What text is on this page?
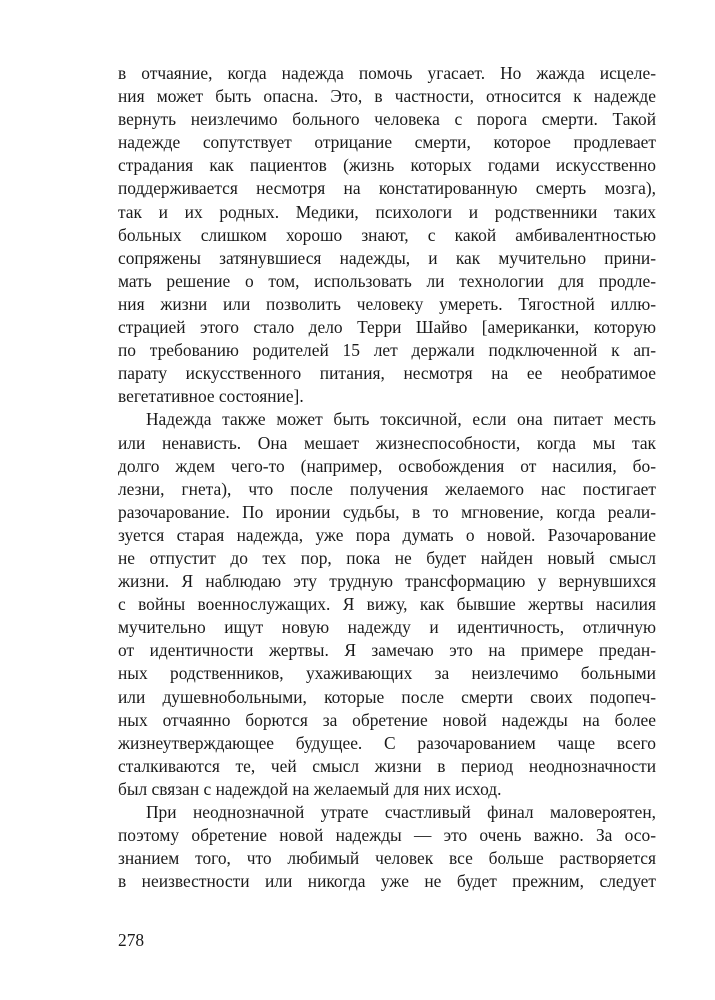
в отчаяние, когда надежда помочь угасает. Но жажда исцеле-
ния может быть опасна. Это, в частности, относится к надежде
вернуть неизлечимо больного человека с порога смерти. Такой
надежде сопутствует отрицание смерти, которое продлевает
страдания как пациентов (жизнь которых годами искусственно
поддерживается несмотря на констатированную смерть мозга),
так и их родных. Медики, психологи и родственники таких
больных слишком хорошо знают, с какой амбивалентностью
сопряжены затянувшиеся надежды, и как мучительно прини-
мать решение о том, использовать ли технологии для продле-
ния жизни или позволить человеку умереть. Тягостной иллю-
страцией этого стало дело Терри Шайво [американки, которую
по требованию родителей 15 лет держали подключенной к ап-
парату искусственного питания, несмотря на ее необратимое
вегетативное состояние].
Надежда также может быть токсичной, если она питает месть
или ненависть. Она мешает жизнеспособности, когда мы так
долго ждем чего-то (например, освобождения от насилия, бо-
лезни, гнета), что после получения желаемого нас постигает
разочарование. По иронии судьбы, в то мгновение, когда реали-
зуется старая надежда, уже пора думать о новой. Разочарование
не отпустит до тех пор, пока не будет найден новый смысл
жизни. Я наблюдаю эту трудную трансформацию у вернувшихся
с войны военнослужащих. Я вижу, как бывшие жертвы насилия
мучительно ищут новую надежду и идентичность, отличную
от идентичности жертвы. Я замечаю это на примере предан-
ных родственников, ухаживающих за неизлечимо больными
или душевнобольными, которые после смерти своих подопеч-
ных отчаянно борются за обретение новой надежды на более
жизнеутверждающее будущее. С разочарованием чаще всего
сталкиваются те, чей смысл жизни в период неоднозначности
был связан с надеждой на желаемый для них исход.
При неоднозначной утрате счастливый финал маловероятен,
поэтому обретение новой надежды — это очень важно. За осо-
знанием того, что любимый человек все больше растворяется
в неизвестности или никогда уже не будет прежним, следует
278
